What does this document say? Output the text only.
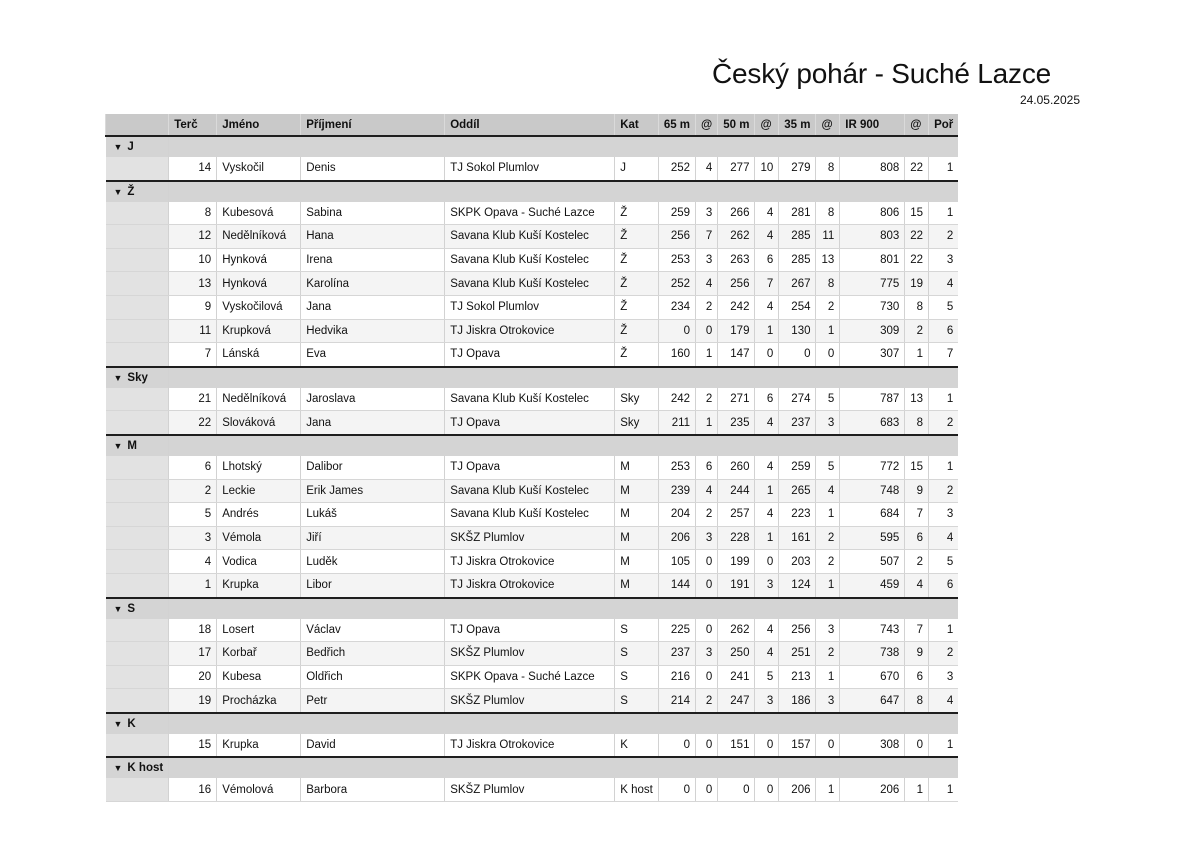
Český pohár - Suché Lazce
24.05.2025
	Terč	Jméno	Příjmení	Oddíl	Kat	65 m	@	50 m	@	35 m	@	IR 900	@	Poř
▼ J														
	14	Vyskočil	Denis	TJ Sokol Plumlov	J	252	4	277	10	279	8	808	22	1
▼ Ž														
	8	Kubesová	Sabina	SKPK Opava - Suché Lazce	Ž	259	3	266	4	281	8	806	15	1
	12	Nedělníková	Hana	Savana Klub Kuší Kostelec	Ž	256	7	262	4	285	11	803	22	2
	10	Hynková	Irena	Savana Klub Kuší Kostelec	Ž	253	3	263	6	285	13	801	22	3
	13	Hynková	Karolína	Savana Klub Kuší Kostelec	Ž	252	4	256	7	267	8	775	19	4
	9	Vyskočilová	Jana	TJ Sokol Plumlov	Ž	234	2	242	4	254	2	730	8	5
	11	Krupková	Hedvika	TJ Jiskra Otrokovice	Ž	0	0	179	1	130	1	309	2	6
	7	Lánská	Eva	TJ Opava	Ž	160	1	147	0	0	0	307	1	7
▼ Sky														
	21	Nedělníková	Jaroslava	Savana Klub Kuší Kostelec	Sky	242	2	271	6	274	5	787	13	1
	22	Slováková	Jana	TJ Opava	Sky	211	1	235	4	237	3	683	8	2
▼ M														
	6	Lhotský	Dalibor	TJ Opava	M	253	6	260	4	259	5	772	15	1
	2	Leckie	Erik James	Savana Klub Kuší Kostelec	M	239	4	244	1	265	4	748	9	2
	5	Andrés	Lukáš	Savana Klub Kuší Kostelec	M	204	2	257	4	223	1	684	7	3
	3	Vémola	Jiří	SKŠZ Plumlov	M	206	3	228	1	161	2	595	6	4
	4	Vodica	Luděk	TJ Jiskra Otrokovice	M	105	0	199	0	203	2	507	2	5
	1	Krupka	Libor	TJ Jiskra Otrokovice	M	144	0	191	3	124	1	459	4	6
▼ S														
	18	Losert	Václav	TJ Opava	S	225	0	262	4	256	3	743	7	1
	17	Korbař	Bedřich	SKŠZ Plumlov	S	237	3	250	4	251	2	738	9	2
	20	Kubesa	Oldřich	SKPK Opava - Suché Lazce	S	216	0	241	5	213	1	670	6	3
	19	Procházka	Petr	SKŠZ Plumlov	S	214	2	247	3	186	3	647	8	4
▼ K														
	15	Krupka	David	TJ Jiskra Otrokovice	K	0	0	151	0	157	0	308	0	1
▼ K host														
	16	Vémolová	Barbora	SKŠZ Plumlov	K host	0	0	0	0	206	1	206	1	1
